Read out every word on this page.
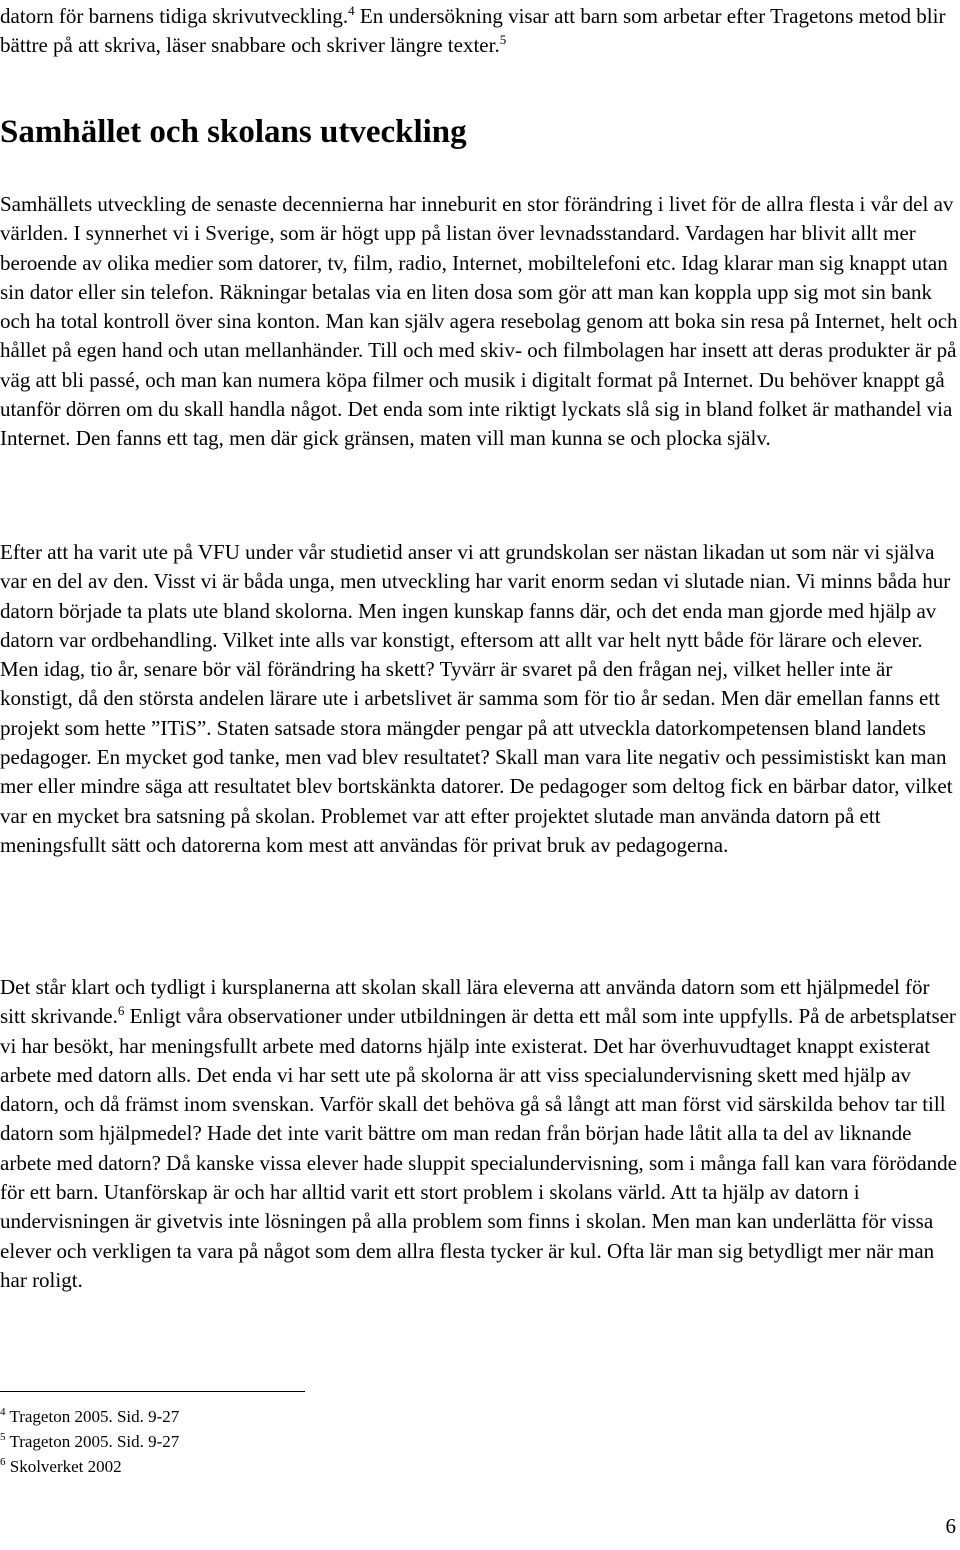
datorn för barnens tidiga skrivutveckling.$^4$ En undersökning visar att barn som arbetar efter Tragetons metod blir bättre på att skriva, läser snabbare och skriver längre texter.$^5$

Samhället och skolans utveckling

Samhällets utveckling de senaste decennierna har inneburit en stor förändring i livet för de allra flesta i vår del av världen. I synnerhet vi i Sverige, som är högt upp på listan över levnadsstandard. Vardagen har blivit allt mer beroende av olika medier som datorer, tv, film, radio, Internet, mobiltelefoni etc. Idag klarar man sig knappt utan sin dator eller sin telefon. Räkningar betalas via en liten dosa som gör att man kan koppla upp sig mot sin bank och ha total kontroll över sina konton. Man kan själv agera resebolag genom att boka sin resa på Internet, helt och hållet på egen hand och utan mellanhänder. Till och med skiv- och filmbolagen har insett att deras produkter är på väg att bli passé, och man kan numera köpa filmer och musik i digitalt format på Internet. Du behöver knappt gå utanför dörren om du skall handla något. Det enda som inte riktigt lyckats slå sig in bland folket är mathandel via Internet. Den fanns ett tag, men där gick gränsen, maten vill man kunna se och plocka själv.

Efter att ha varit ute på VFU under vår studietid anser vi att grundskolan ser nästan likadan ut som när vi själva var en del av den. Visst vi är båda unga, men utveckling har varit enorm sedan vi slutade nian. Vi minns båda hur datorn började ta plats ute bland skolorna. Men ingen kunskap fanns där, och det enda man gjorde med hjälp av datorn var ordbehandling. Vilket inte alls var konstigt, eftersom att allt var helt nytt både för lärare och elever. Men idag, tio år, senare bör väl förändring ha skett? Tyvärr är svaret på den frågan nej, vilket heller inte är konstigt, då den största andelen lärare ute i arbetslivet är samma som för tio år sedan. Men där emellan fanns ett projekt som hette ”ITiS”. Staten satsade stora mängder pengar på att utveckla datorkompetensen bland landets pedagoger. En mycket god tanke, men vad blev resultatet? Skall man vara lite negativ och pessimistiskt kan man mer eller mindre säga att resultatet blev bortskänkta datorer. De pedagoger som deltog fick en bärbar dator, vilket var en mycket bra satsning på skolan. Problemet var att efter projektet slutade man använda datorn på ett meningsfullt sätt och datorerna kom mest att användas för privat bruk av pedagogerna.

Det står klart och tydligt i kursplanerna att skolan skall lära eleverna att använda datorn som ett hjälpmedel för sitt skrivande.$^6$ Enligt våra observationer under utbildningen är detta ett mål som inte uppfylls. På de arbetsplatser vi har besökt, har meningsfullt arbete med datorns hjälp inte existerat. Det har överhuvudtaget knappt existerat arbete med datorn alls. Det enda vi har sett ute på skolorna är att viss specialundervisning skett med hjälp av datorn, och då främst inom svenskan. Varför skall det behöva gå så långt att man först vid särskilda behov tar till datorn som hjälpmedel? Hade det inte varit bättre om man redan från början hade låtit alla ta del av liknande arbete med datorn? Då kanske vissa elever hade sluppit specialundervisning, som i många fall kan vara förödande för ett barn. Utanförskap är och har alltid varit ett stort problem i skolans värld. Att ta hjälp av datorn i undervisningen är givetvis inte lösningen på alla problem som finns i skolan. Men man kan underlätta för vissa elever och verkligen ta vara på något som dem allra flesta tycker är kul. Ofta lär man sig betydligt mer när man har roligt.

$^4$ Trageton 2005. Sid. 9-27
$^5$ Trageton 2005. Sid. 9-27
$^6$ Skolverket 2002
6
